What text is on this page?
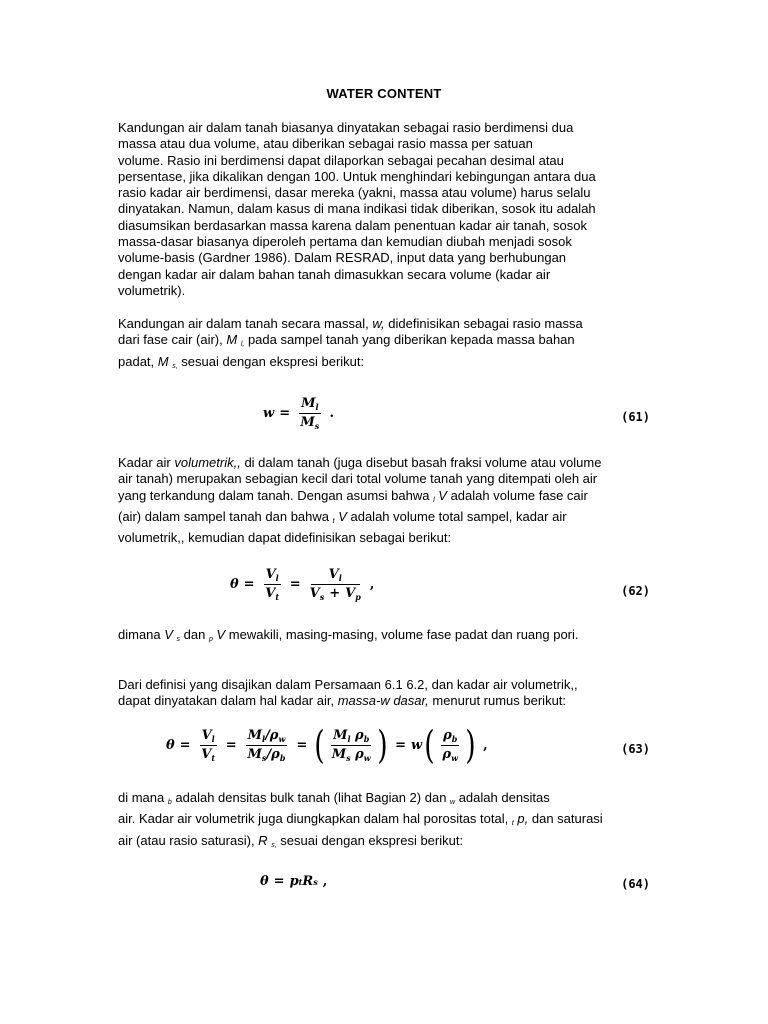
WATER CONTENT

Kandungan air dalam tanah biasanya dinyatakan sebagai rasio berdimensi dua
massa atau dua volume, atau diberikan sebagai rasio massa per satuan
volume. Rasio ini berdimensi dapat dilaporkan sebagai pecahan desimal atau
persentase, jika dikalikan dengan 100. Untuk menghindari kebingungan antara dua
rasio kadar air berdimensi, dasar mereka (yakni, massa atau volume) harus selalu
dinyatakan. Namun, dalam kasus di mana indikasi tidak diberikan, sosok itu adalah
diasumsikan berdasarkan massa karena dalam penentuan kadar air tanah, sosok
massa-dasar biasanya diperoleh pertama dan kemudian diubah menjadi sosok
volume-basis (Gardner 1986). Dalam RESRAD, input data yang berhubungan
dengan kadar air dalam bahan tanah dimasukkan secara volume (kadar air
volumetrik).

Kandungan air dalam tanah secara massal, w, didefinisikan sebagai rasio massa
dari fase cair (air), M $_{l,}$ pada sampel tanah yang diberikan kepada massa bahan
padat, M $_{s,}$ sesuai dengan ekspresi berikut:

$w = \frac{M_l}{M_s}$ .	(61)

Kadar air volumetrik,, di dalam tanah (juga disebut basah fraksi volume atau volume
air tanah) merupakan sebagian kecil dari total volume tanah yang ditempati oleh air
yang terkandung dalam tanah. Dengan asumsi bahwa $_l$ V adalah volume fase cair
(air) dalam sampel tanah dan bahwa $_t$ V adalah volume total sampel, kadar air
volumetrik,, kemudian dapat didefinisikan sebagai berikut:

$\theta = \frac{V_l}{V_t} = \frac{V_l}{V_s + V_p}$ ,	(62)

dimana V $_s$ dan $_p$ V mewakili, masing-masing, volume fase padat dan ruang pori.

Dari definisi yang disajikan dalam Persamaan 6.1 6.2, dan kadar air volumetrik,,
dapat dinyatakan dalam hal kadar air, massa-w dasar, menurut rumus berikut:

$\theta = \frac{V_l}{V_t} = \frac{M_l/\rho_w}{M_s/\rho_b}$ = ( $\frac{M_l \rho_b}{M_s \rho_w}$ ) = w ( $\frac{\rho_b}{\rho_w}$ ) ,	(63)

di mana $_b$ adalah densitas bulk tanah (lihat Bagian 2) dan $_w$ adalah densitas
air. Kadar air volumetrik juga diungkapkan dalam hal porositas total, $_t$ p, dan saturasi
air (atau rasio saturasi), R $_{s,}$ sesuai dengan ekspresi berikut:

θ = p t R s ,	(64)
